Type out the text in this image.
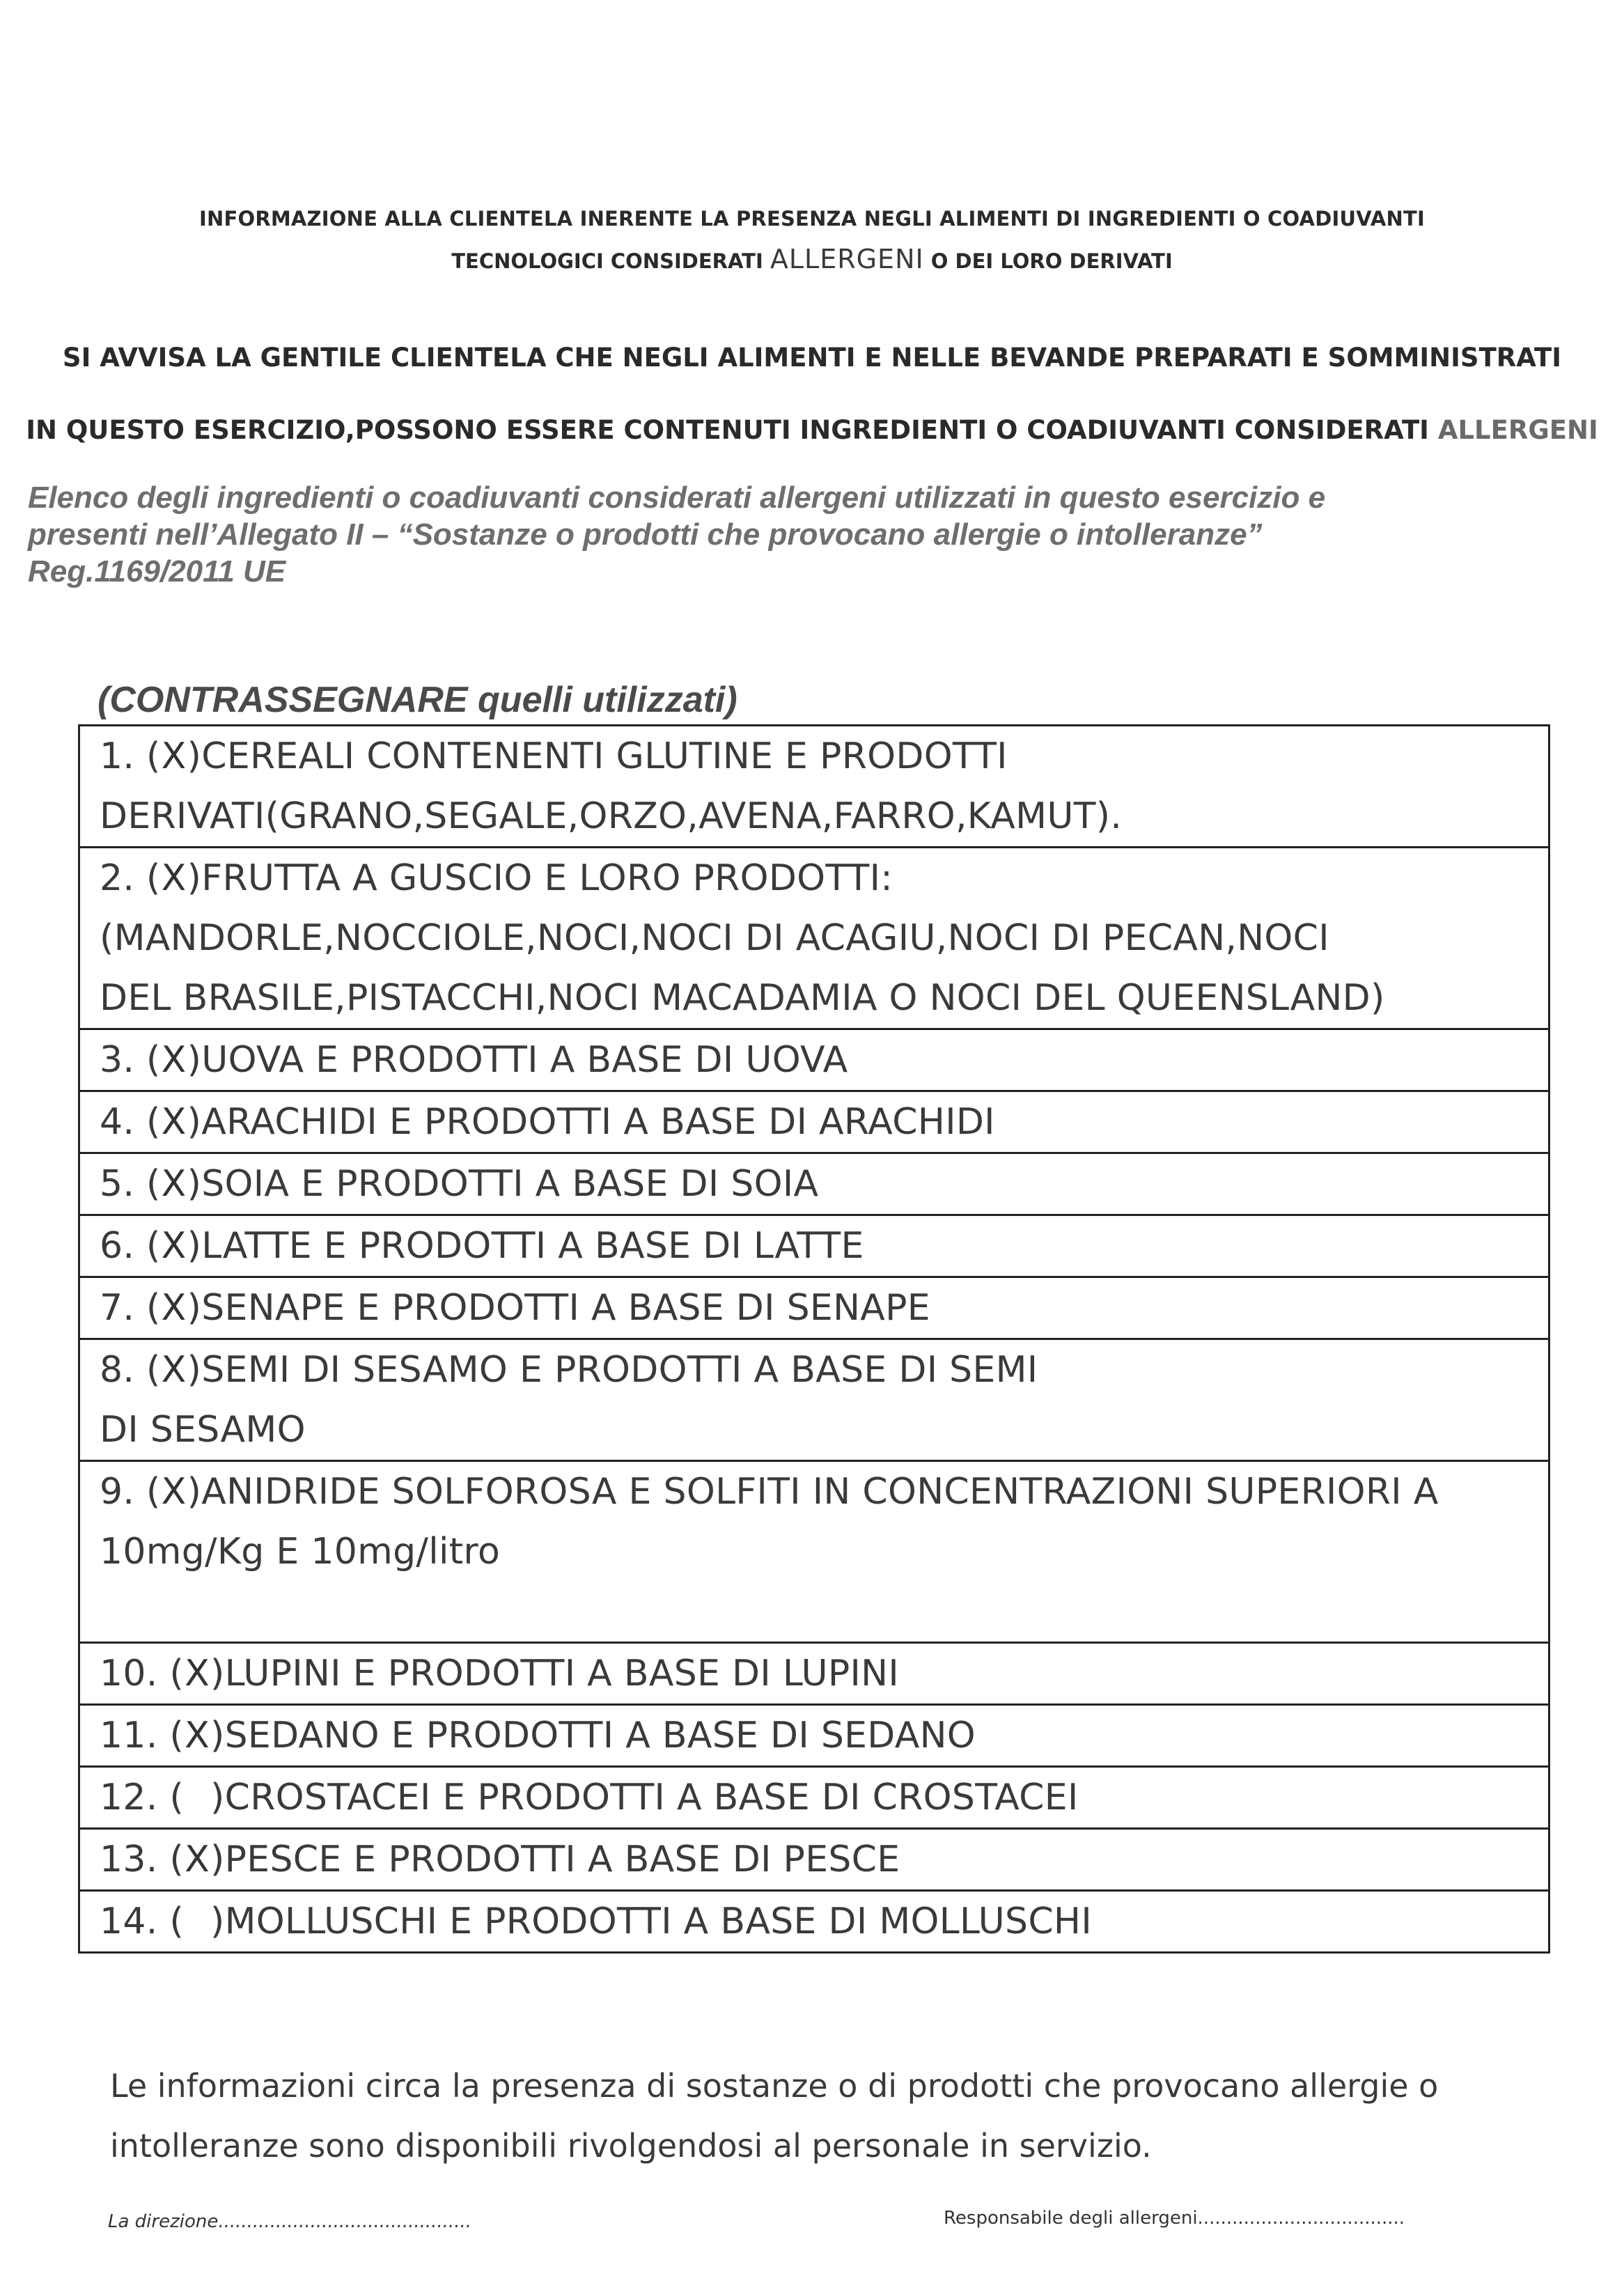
INFORMAZIONE ALLA CLIENTELA INERENTE LA PRESENZA NEGLI ALIMENTI DI INGREDIENTI O COADIUVANTI
TECNOLOGICI CONSIDERATI ALLERGENI O DEI LORO DERIVATI
SI AVVISA LA GENTILE CLIENTELA CHE NEGLI ALIMENTI E NELLE BEVANDE PREPARATI E SOMMINISTRATI
IN QUESTO ESERCIZIO,POSSONO ESSERE CONTENUTI INGREDIENTI O COADIUVANTI CONSIDERATI ALLERGENI
Elenco degli ingredienti o coadiuvanti considerati allergeni utilizzati in questo esercizio e
presenti nell’Allegato II – “Sostanze o prodotti che provocano allergie o intolleranze”
Reg.1169/2011 UE
(CONTRASSEGNARE quelli utilizzati)
1. (X)CEREALI CONTENENTI GLUTINE E PRODOTTI
DERIVATI(GRANO,SEGALE,ORZO,AVENA,FARRO,KAMUT).
2. (X)FRUTTA A GUSCIO E LORO PRODOTTI:
(MANDORLE,NOCCIOLE,NOCI,NOCI DI ACAGIU,NOCI DI PECAN,NOCI
DEL BRASILE,PISTACCHI,NOCI MACADAMIA O NOCI DEL QUEENSLAND)
3. (X)UOVA E PRODOTTI A BASE DI UOVA
4. (X)ARACHIDI E PRODOTTI A BASE DI ARACHIDI
5. (X)SOIA E PRODOTTI A BASE DI SOIA
6. (X)LATTE E PRODOTTI A BASE DI LATTE
7. (X)SENAPE E PRODOTTI A BASE DI SENAPE
8. (X)SEMI DI SESAMO E PRODOTTI A BASE DI SEMI
DI SESAMO
9. (X)ANIDRIDE SOLFOROSA E SOLFITI IN CONCENTRAZIONI SUPERIORI A
10mg/Kg E 10mg/litro

10. (X)LUPINI E PRODOTTI A BASE DI LUPINI
11. (X)SEDANO E PRODOTTI A BASE DI SEDANO
12. ( )CROSTACEI E PRODOTTI A BASE DI CROSTACEI
13. (X)PESCE E PRODOTTI A BASE DI PESCE
14. ( )MOLLUSCHI E PRODOTTI A BASE DI MOLLUSCHI
Le informazioni circa la presenza di sostanze o di prodotti che provocano allergie o
intolleranze sono disponibili rivolgendosi al personale in servizio.
La direzione............................................	Responsabile degli allergeni....................................
